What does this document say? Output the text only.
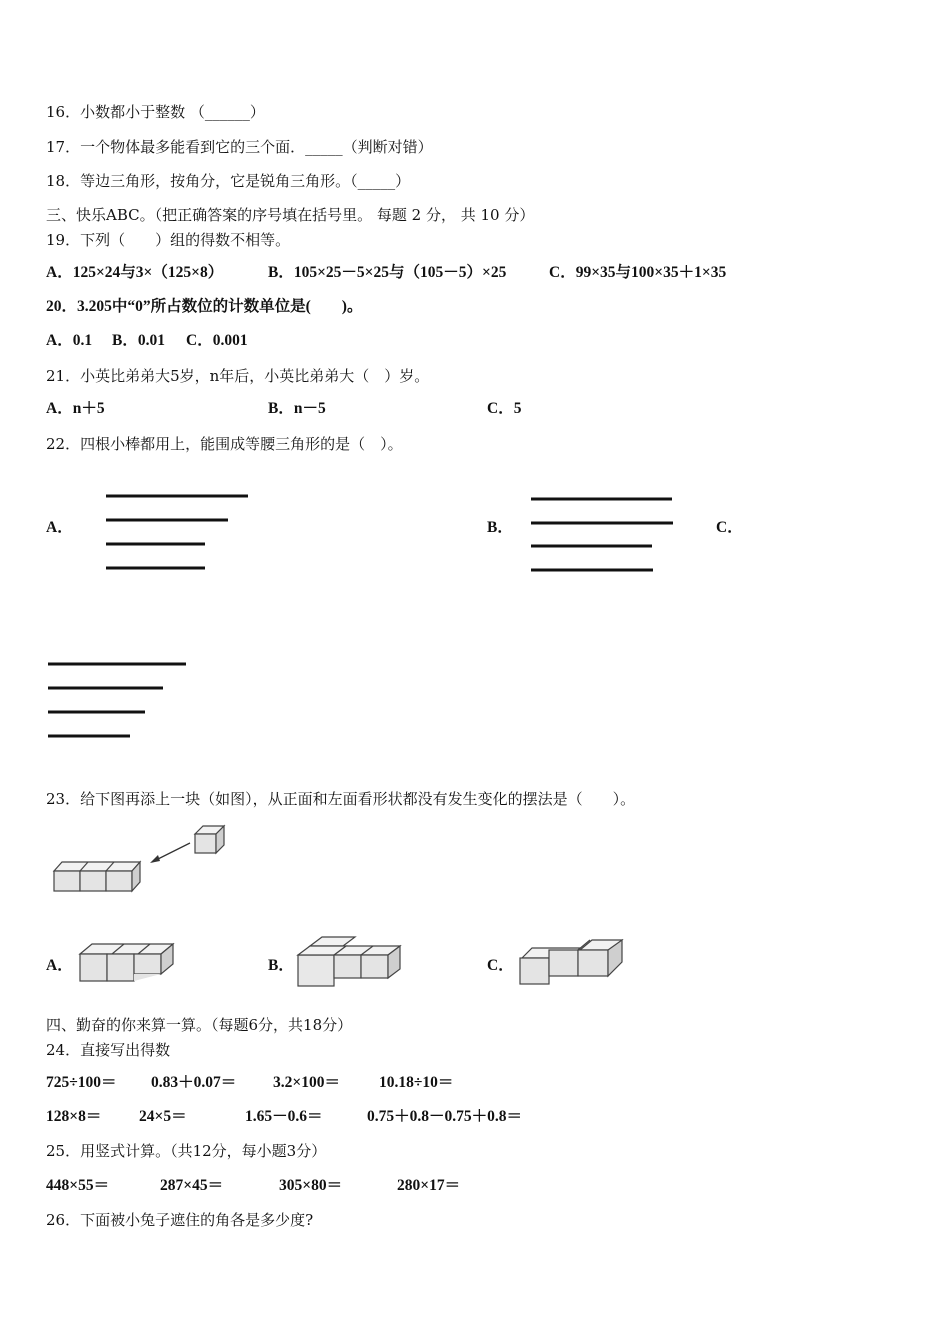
16．小数都小于整数 （______）
17．一个物体最多能看到它的三个面．_____（判断对错）
18．等边三角形，按角分，它是锐角三角形。（_____）
三、快乐ABC。（把正确答案的序号填在括号里。 每题 2 分， 共 10 分）
19．下列（　　）组的得数不相等。
A．125×24与3×（125×8）	B．105×25－5×25与（105－5）×25	C．99×35与100×35＋1×35
20．3.205中“0”所占数位的计数单位是(　　)。
A．0.1 B．0.01 C．0.001
21．小英比弟弟大5岁，n年后，小英比弟弟大（　）岁。
A．n＋5	B．n－5	C．5
22．四根小棒都用上，能围成等腰三角形的是（　）。
A．	B．	C．
23．给下图再添上一块（如图），从正面和左面看形状都没有发生变化的摆法是（　　）。
A．	B．	C．
四、勤奋的你来算一算。（每题6分，共18分）
24．直接写出得数
725÷100＝ 0.83＋0.07＝ 3.2×100＝	10.18÷10＝
128×8＝ 24×5＝	1.65－0.6＝	0.75＋0.8－0.75＋0.8＝
25．用竖式计算。（共12分，每小题3分）
448×55＝	287×45＝	305×80＝	280×17＝
26．下面被小兔子遮住的角各是多少度?
